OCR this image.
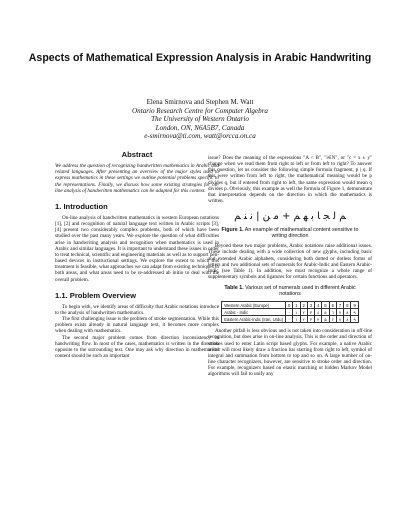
Aspects of Mathematical Expression Analysis in Arabic Handwriting
Elena Smirnova and Stephen M. Watt
Ontario Research Centre for Computer Algebra
The University of Western Ontario
London, ON, N6A5B7, Canada
e-smirnova@ti.com, watt@orcca.on.ca
Abstract
We address the question of recognizing handwritten mathematics in Arabic and related languages. After presenting an overview of the major styles used to express mathematics in these settings we outline potential problems specific to the representations. Finally, we discuss how some existing strategies for on-line analysis of handwritten mathematics can be adapted for this context.
1. Introduction

On-line analysis of handwritten mathematics in western European notations [1], [2] and recognition of natural language text written in Arabic scripts [3], [4] present two considerably complex problems, both of which have been studied over the past many years. We explore the question of what difficulties arise in handwriting analysis and recognition when mathematics is used in Arabic and similar languages. It is important to understand these issues in order to treat technical, scientific and engineering materials as well as to support pen-based devices in instructional settings. We explore the extent to which this treatment is feasible, what approaches we can adapt from existing techniques in both areas, and what areas need to be re-addressed ab initio to deal with the overall problem.

1.1. Problem Overview

To begin with, we identify areas of difficulty that Arabic notations introduce to the analysis of handwritten mathematics.

The first challenging issue is the problem of stroke segmentation. While this problem exists already in natural language text, it becomes more complex when dealing with mathematics.

The second major problem comes from direction inconsistency in handwriting flow. In most of the cases, mathematics is written in the direction opposite to the surrounding text. One may ask why direction in mathematical content should be such an important

issue? Does the meaning of the expressions "A < B", "i∈N", or "c = x ± y" change when we read them from right to left or from left to right? To answer this question, let us consider the following simple formula fragment, p | q. If this were written from left to right, the mathematical meaning would be p divides q, but if entered from right to left, the same expression would mean q divides p. Obviously, this example as well the formula of Figure 1, demonstrate that interpretation depends on the direction in which the mathematics is written.

ﻢ ﻟ ﺠ ﺎ ﺑ ﻬ ﻢ + ﻣ ﻦ | ﻧ ﻨ ﻢ
Figure 1. An example of mathematical content sensitive to writing direction

Beyond these two major problems, Arabic notations raise additional issues. These include dealing with a wide collection of new glyphs, including basic and extended Arabic alphabets, considering both dotted or dotless forms of letters and two additional sets of numerals for Arabic-Indic and Eastern Arabic-Indic (see Table 1). In addition, we must recognize a whole range of supplementary symbols and ligatures for certain functions and operators.

Table 1. Various set of numerals used in different Arabic notations
Western Arabic (Europe)	0	1	2	3	4	5	6	7	8	9
Arabic - Indic	٠	١	٢	٣	٤	٥	٦	٧	٨	٩
Eastern Arabic-Indic (Iran, Urdu)	۰	۱	۲	۳	۴	۵	۶	۷	۸	۹

Another pitfall is less obvious and is not taken into consideration in off-line recognition, but does arise in on-line analysis. This is the order and direction of strokes used to enter Latin script based glyphs. For example, a native Arabic writer will most likely draw a fraction bar starting from right to left, symbol of integral and summation from bottom to top and so on. A large number of on-line character recognizers, however, are sensitive to stroke order and direction. For example, recognizers based on elastic matching or hidden Markov Model algorithms will fail to unify any
